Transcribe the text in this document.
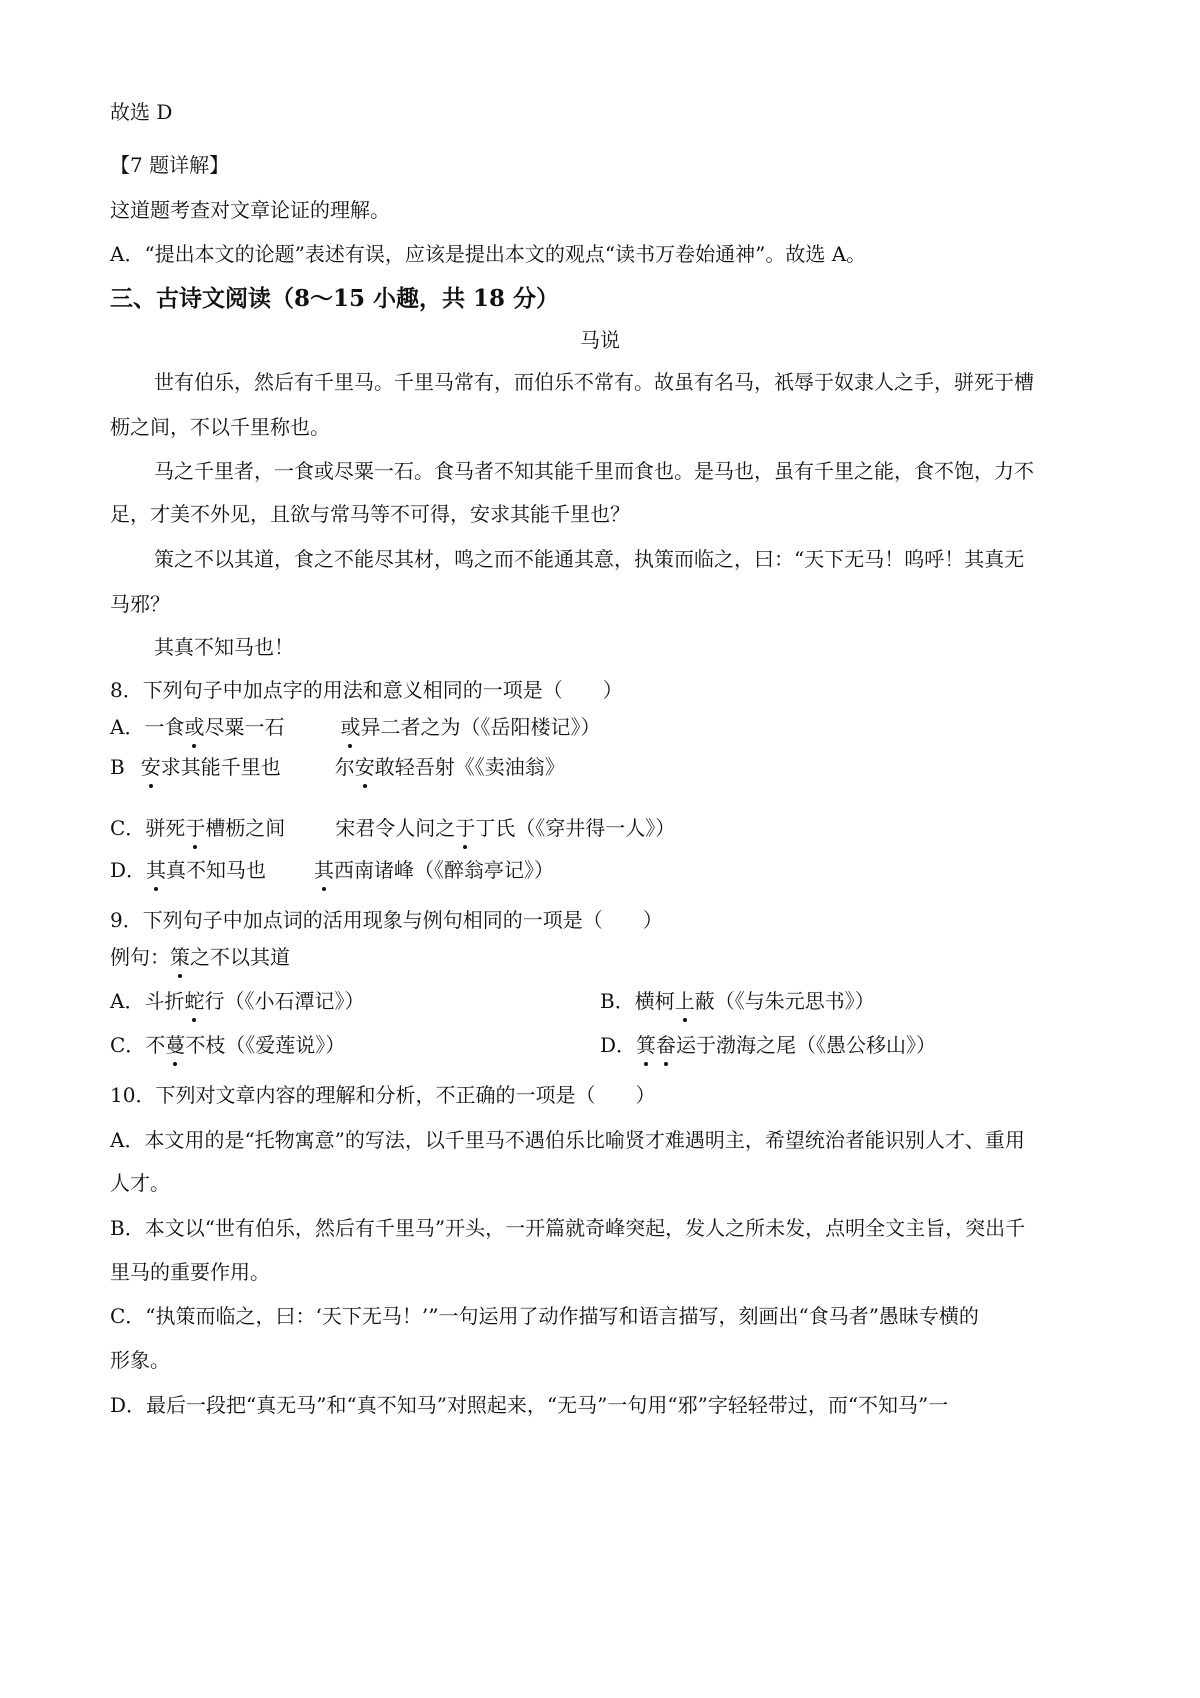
故选 D
【7 题详解】
这道题考查对文章论证的理解。
A．“提出本文的论题”表述有误，应该是提出本文的观点“读书万卷始通神”。故选 A。
三、古诗文阅读（8～15 小趣，共 18 分）
马说
世有伯乐，然后有千里马。千里马常有，而伯乐不常有。故虽有名马，祇辱于奴隶人之手，骈死于槽
枥之间，不以千里称也。
马之千里者，一食或尽粟一石。食马者不知其能千里而食也。是马也，虽有千里之能，食不饱，力不
足，才美不外见，且欲与常马等不可得，安求其能千里也？
策之不以其道，食之不能尽其材，鸣之而不能通其意，执策而临之，曰：“天下无马！呜呼！其真无
马邪？
其真不知马也！
8．下列句子中加点字的用法和意义相同的一项是（　　）
A．一食或尽粟一石	或异二者之为（《岳阳楼记》）
B 安求其能千里也	尔安敢轻吾射《《卖油翁》
C．骈死于槽枥之间	宋君令人问之于丁氏（《穿井得一人》）
D．其真不知马也 其西南诸峰（《醉翁亭记》）
9．下列句子中加点词的活用现象与例句相同的一项是（　　）
例句：策之不以其道
A．斗折蛇行（《小石潭记》）	B．横柯上蔽（《与朱元思书》）
C．不蔓不枝（《爱莲说》）	D．箕畚运于渤海之尾（《愚公移山》）
10．下列对文章内容的理解和分析，不正确的一项是（　　）
A．本文用的是“托物寓意”的写法，以千里马不遇伯乐比喻贤才难遇明主，希望统治者能识别人才、重用
人才。
B．本文以“世有伯乐，然后有千里马”开头，一开篇就奇峰突起，发人之所未发，点明全文主旨，突出千
里马的重要作用。
C．“执策而临之，曰：‘天下无马！’”一句运用了动作描写和语言描写，刻画出“食马者”愚昧专横的
形象。
D．最后一段把“真无马”和“真不知马”对照起来，“无马”一句用“邪”字轻轻带过，而“不知马”一
